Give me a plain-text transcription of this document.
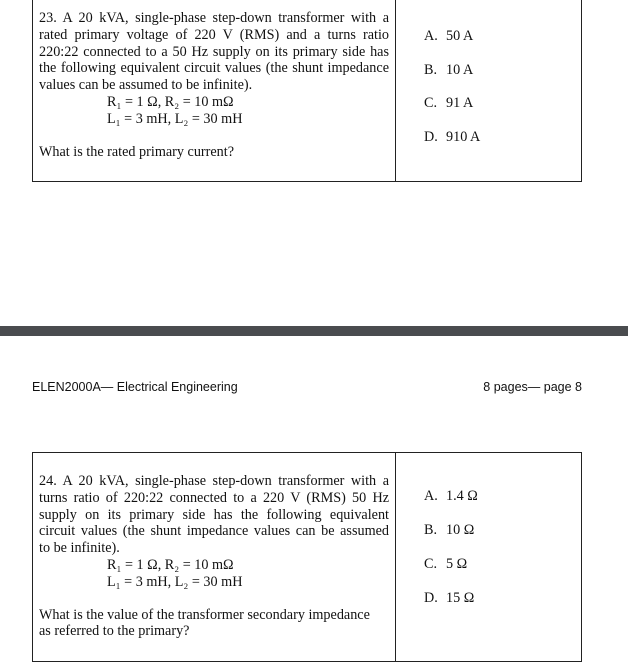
23. A 20 kVA, single-phase step-down transformer with a
rated primary voltage of 220 V (RMS) and a turns ratio
220:22 connected to a 50 Hz supply on its primary side has
the following equivalent circuit values (the shunt impedance
values can be assumed to be infinite).
R₁ = 1 Ω, R₂ = 10 mΩ
L₁ = 3 mH, L₂ = 30 mH
What is the rated primary current?
A. 50 A
B. 10 A
C. 91 A
D. 910 A
ELEN2000A— Electrical Engineering	8 pages— page 8
24. A 20 kVA, single-phase step-down transformer with a
turns ratio of 220:22 connected to a 220 V (RMS) 50 Hz
supply on its primary side has the following equivalent
circuit values (the shunt impedance values can be assumed
to be infinite).
R₁ = 1 Ω, R₂ = 10 mΩ
L₁ = 3 mH, L₂ = 30 mH
What is the value of the transformer secondary impedance
as referred to the primary?
A. 1.4 Ω
B. 10 Ω
C. 5 Ω
D. 15 Ω
